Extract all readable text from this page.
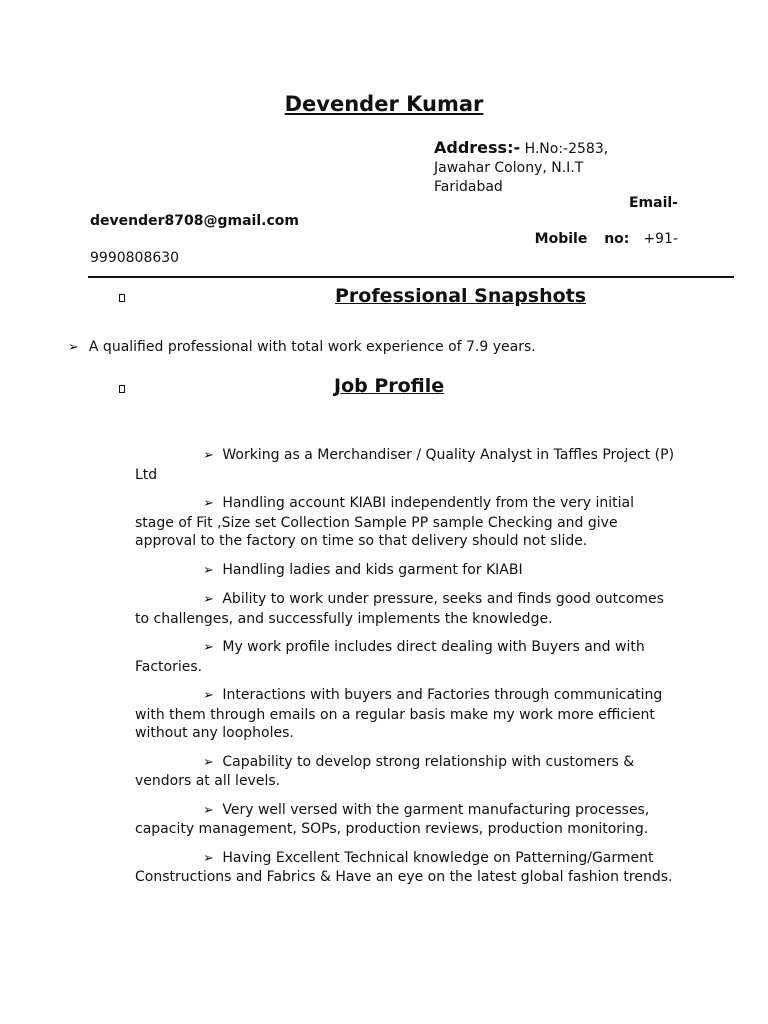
Devender Kumar
Address:- H.No:-2583,
Jawahar Colony, N.I.T
Faridabad
Email-
devender8708@gmail.com
Mobile no: +91-
9990808630
Professional Snapshots
➢ A qualified professional with total work experience of 7.9 years.
Job Profile

➢ Working as a Merchandiser / Quality Analyst in Taffles Project (P) Ltd

➢ Handling account KIABI independently from the very initial stage of Fit ,Size set Collection Sample PP sample Checking and give approval to the factory on time so that delivery should not slide.

➢ Handling ladies and kids garment for KIABI

➢ Ability to work under pressure, seeks and finds good outcomes to challenges, and successfully implements the knowledge.

➢ My work profile includes direct dealing with Buyers and with Factories.

➢ Interactions with buyers and Factories through communicating with them through emails on a regular basis make my work more efficient without any loopholes.

➢ Capability to develop strong relationship with customers & vendors at all levels.

➢ Very well versed with the garment manufacturing processes, capacity management, SOPs, production reviews, production monitoring.

➢ Having Excellent Technical knowledge on Patterning/Garment Constructions and Fabrics & Have an eye on the latest global fashion trends.
